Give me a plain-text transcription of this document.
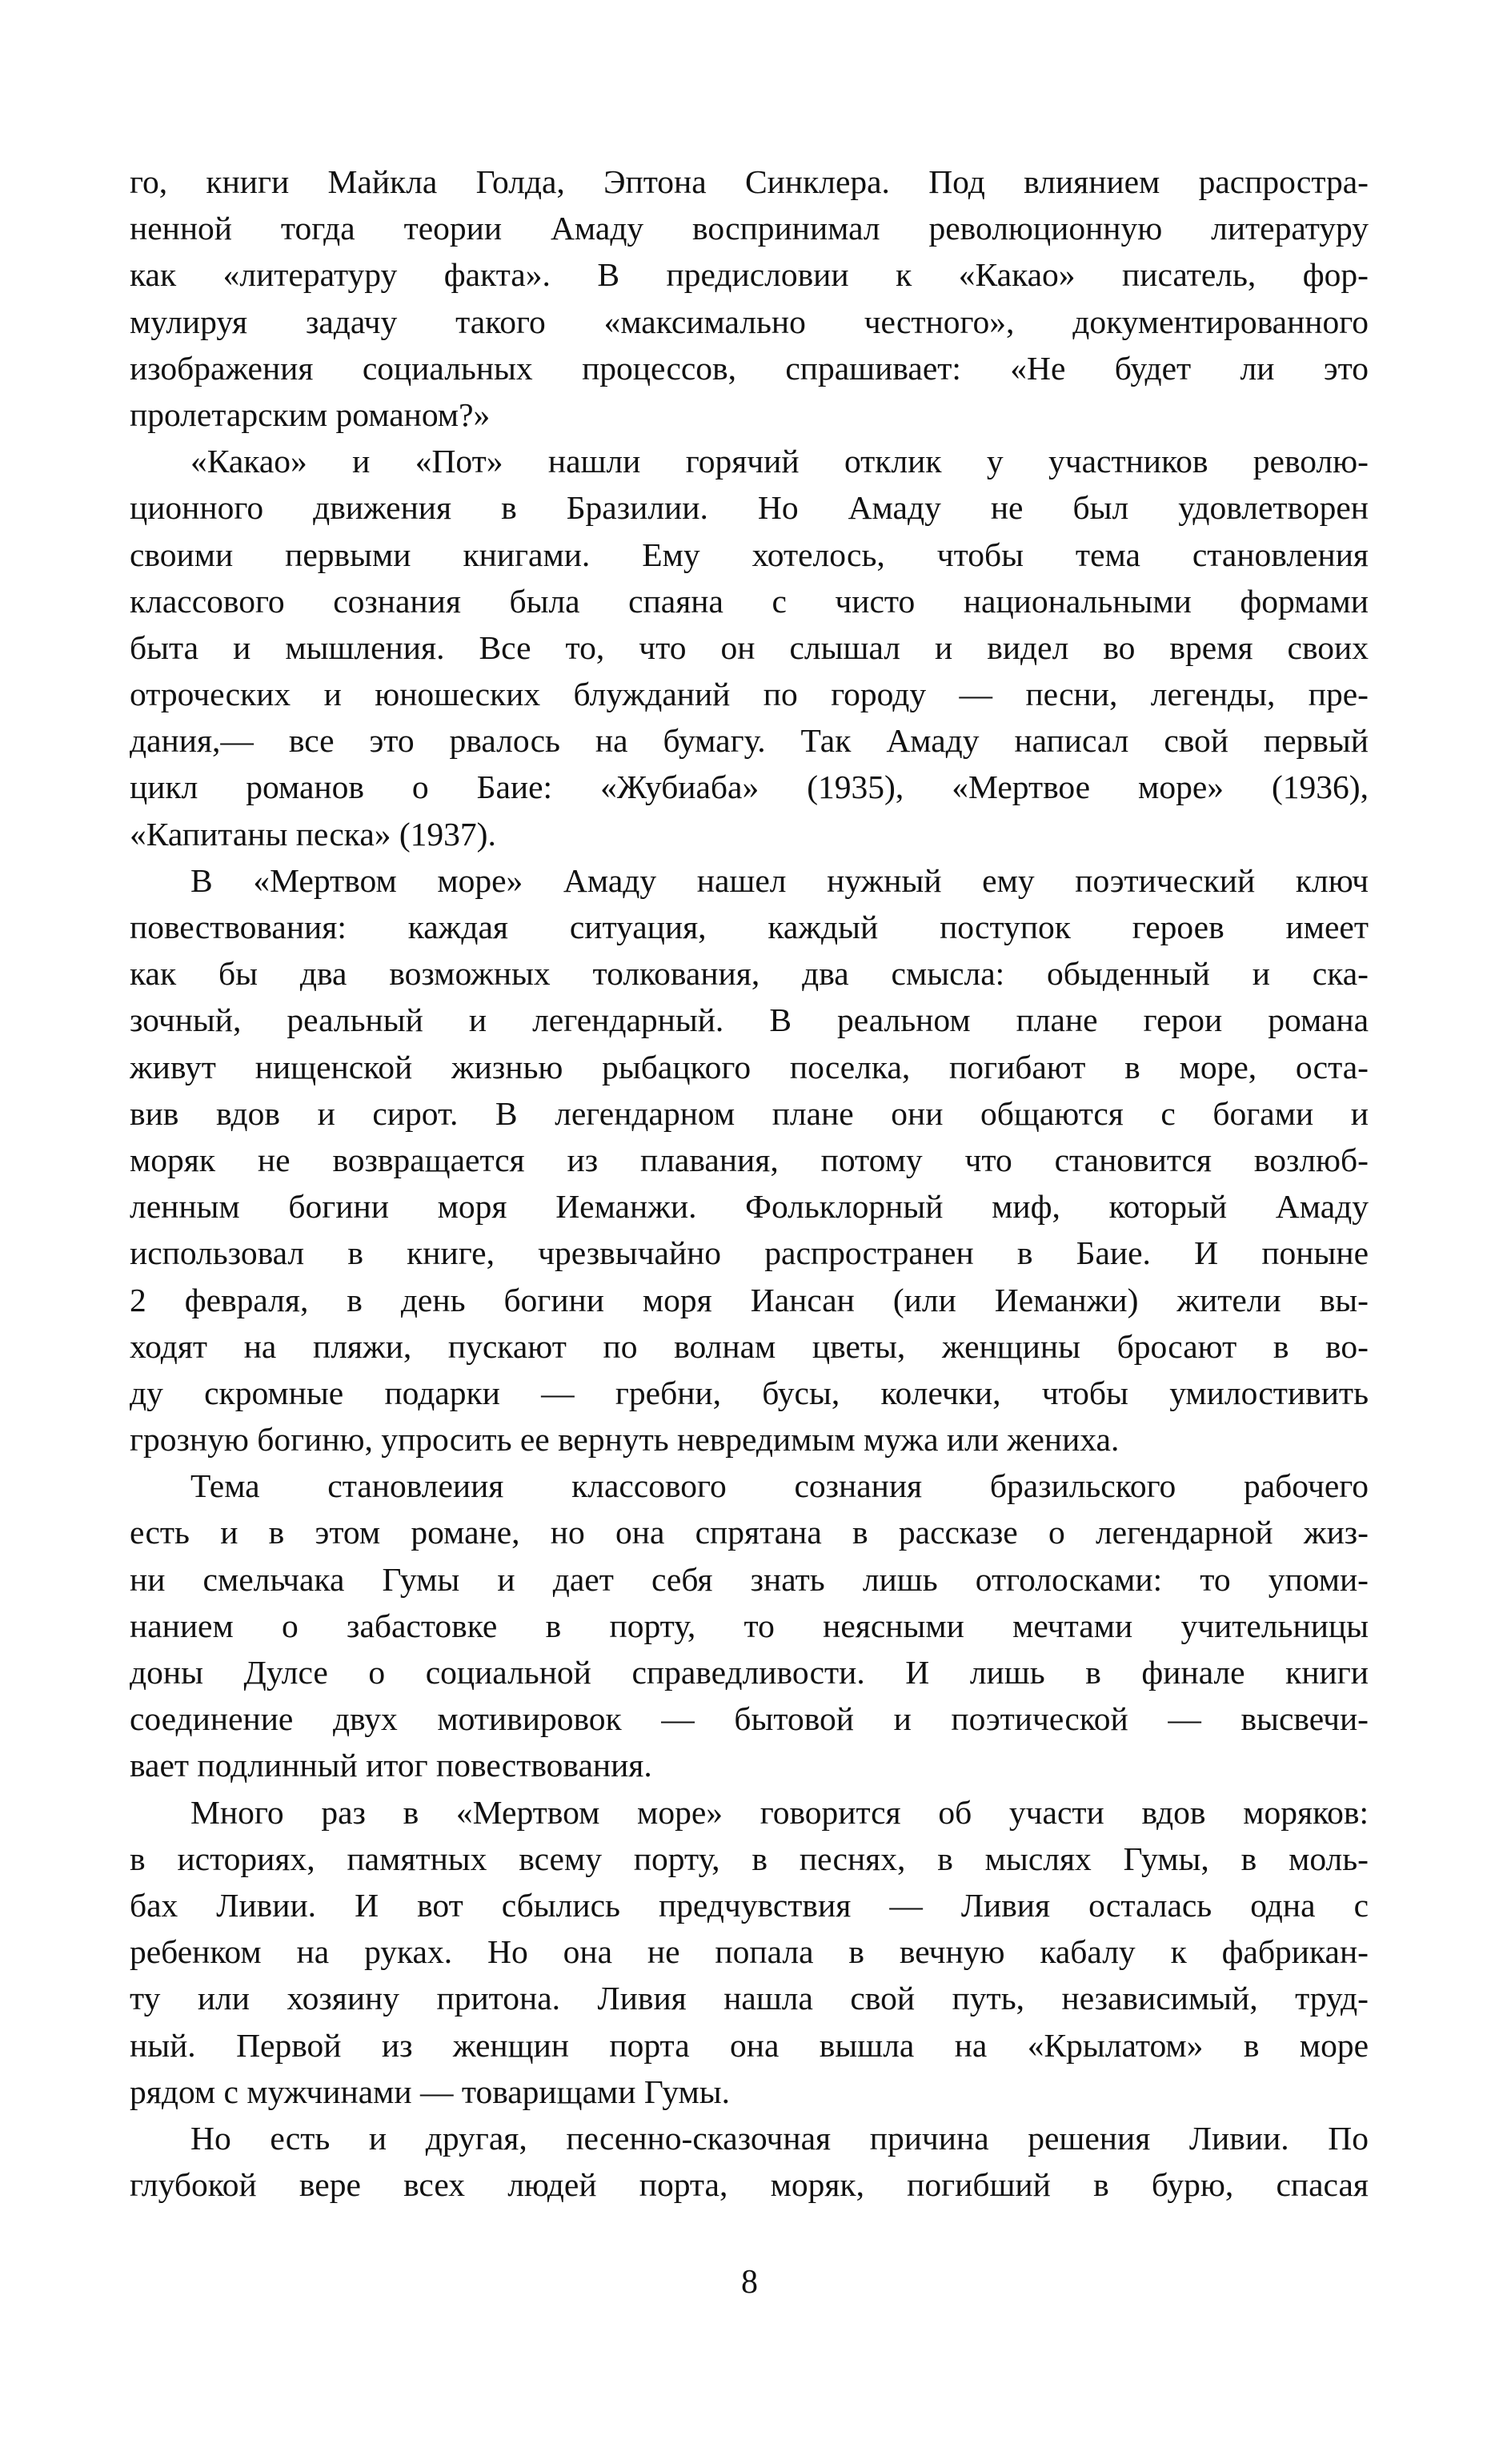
го, книги Майкла Голда, Эптона Синклера. Под влиянием распростра-
ненной тогда теории Амаду воспринимал революционную литературу
как «литературу факта». В предисловии к «Какао» писатель, фор-
мулируя задачу такого «максимально честного», документированного
изображения социальных процессов, спрашивает: «Не будет ли это
пролетарским романом?»
«Какао» и «Пот» нашли горячий отклик у участников револю-
ционного движения в Бразилии. Но Амаду не был удовлетворен
своими первыми книгами. Ему хотелось, чтобы тема становления
классового сознания была спаяна с чисто национальными формами
быта и мышления. Все то, что он слышал и видел во время своих
отроческих и юношеских блужданий по городу — песни, легенды, пре-
дания,— все это рвалось на бумагу. Так Амаду написал свой первый
цикл романов о Баие: «Жубиаба» (1935), «Мертвое море» (1936),
«Капитаны песка» (1937).
В «Мертвом море» Амаду нашел нужный ему поэтический ключ
повествования: каждая ситуация, каждый поступок героев имеет
как бы два возможных толкования, два смысла: обыденный и ска-
зочный, реальный и легендарный. В реальном плане герои романа
живут нищенской жизнью рыбацкого поселка, погибают в море, оста-
вив вдов и сирот. В легендарном плане они общаются с богами и
моряк не возвращается из плавания, потому что становится возлюб-
ленным богини моря Иеманжи. Фольклорный миф, который Амаду
использовал в книге, чрезвычайно распространен в Баие. И поныне
2 февраля, в день богини моря Иансан (или Иеманжи) жители вы-
ходят на пляжи, пускают по волнам цветы, женщины бросают в во-
ду скромные подарки — гребни, бусы, колечки, чтобы умилостивить
грозную богиню, упросить ее вернуть невредимым мужа или жениха.
Тема становлеиия классового сознания бразильского рабочего
есть и в этом романе, но она спрятана в рассказе о легендарной жиз-
ни смельчака Гумы и дает себя знать лишь отголосками: то упоми-
нанием о забастовке в порту, то неясными мечтами учительницы
доны Дулсе о социальной справедливости. И лишь в финале книги
соединение двух мотивировок — бытовой и поэтической — высвечи-
вает подлинный итог повествования.
Много раз в «Мертвом море» говорится об участи вдов моряков:
в историях, памятных всему порту, в песнях, в мыслях Гумы, в моль-
бах Ливии. И вот сбылись предчувствия — Ливия осталась одна с
ребенком на руках. Но она не попала в вечную кабалу к фабрикан-
ту или хозяину притона. Ливия нашла свой путь, независимый, труд-
ный. Первой из женщин порта она вышла на «Крылатом» в море
рядом с мужчинами — товарищами Гумы.
Но есть и другая, песенно-сказочная причина решения Ливии. По
глубокой вере всех людей порта, моряк, погибший в бурю, спасая
8
